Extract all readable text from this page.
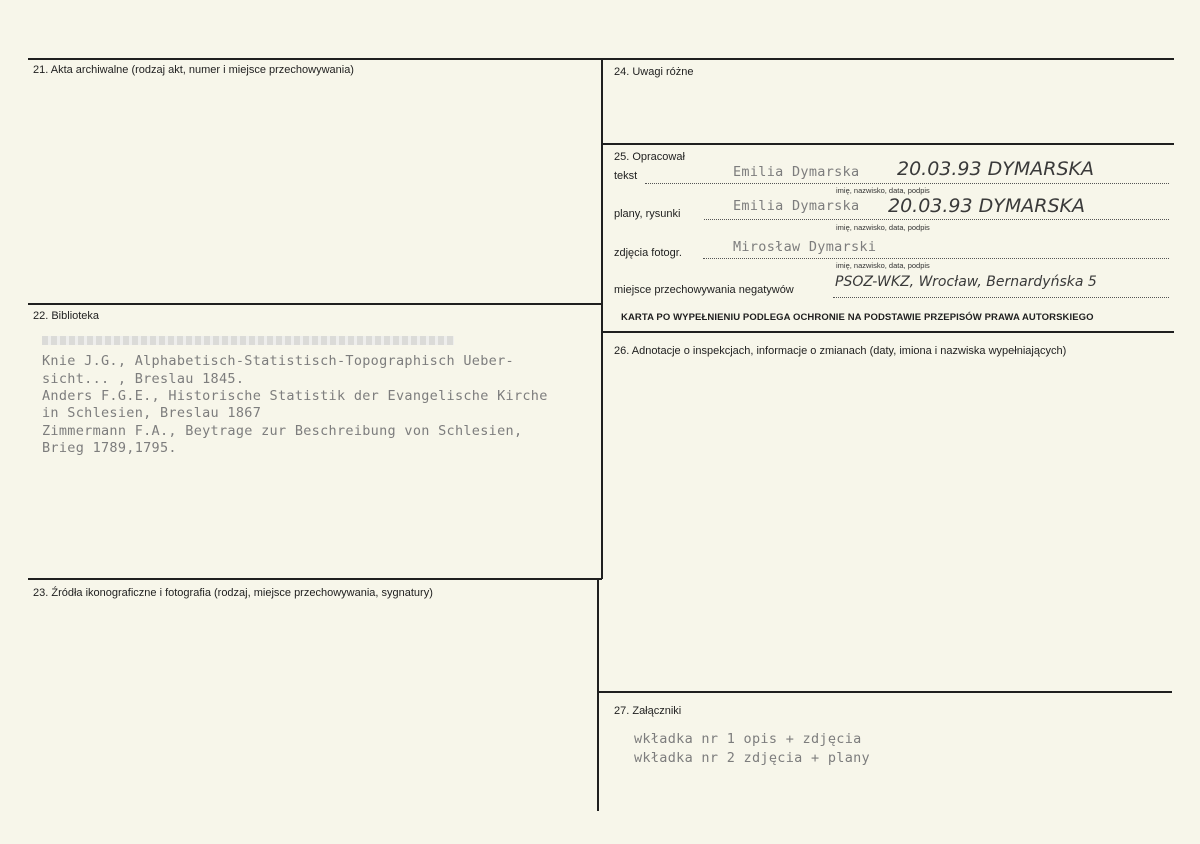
21. Akta archiwalne (rodzaj akt, numer i miejsce przechowywania)
22. Biblioteka
Knie J.G., Alphabetisch-Statistisch-Topographisch Ueber-
sicht... , Breslau 1845.
Anders F.G.E., Historische Statistik der Evangelische Kirche
in Schlesien, Breslau 1867
Zimmermann F.A., Beytrage zur Beschreibung von Schlesien,
Brieg 1789,1795.
23. Źródła ikonograficzne i fotografia (rodzaj, miejsce przechowywania, sygnatury)
24. Uwagi różne
25. Opracował
tekst	Emilia Dymarska 20.03.93 DYMARSKA
imię, nazwisko, data, podpis
plany, rysunki	Emilia Dymarska 20.03.93 DYMARSKA
imię, nazwisko, data, podpis
zdjęcia fotogr.	Mirosław Dymarski
imię, nazwisko, data, podpis
miejsce przechowywania negatywów	PSOZ-WKZ, Wrocław, Bernardyńska 5
KARTA PO WYPEŁNIENIU PODLEGA OCHRONIE NA PODSTAWIE PRZEPISÓW PRAWA AUTORSKIEGO
26. Adnotacje o inspekcjach, informacje o zmianach (daty, imiona i nazwiska wypełniających)
27. Załączniki
wkładka nr 1 opis + zdjęcia
wkładka nr 2 zdjęcia + plany
